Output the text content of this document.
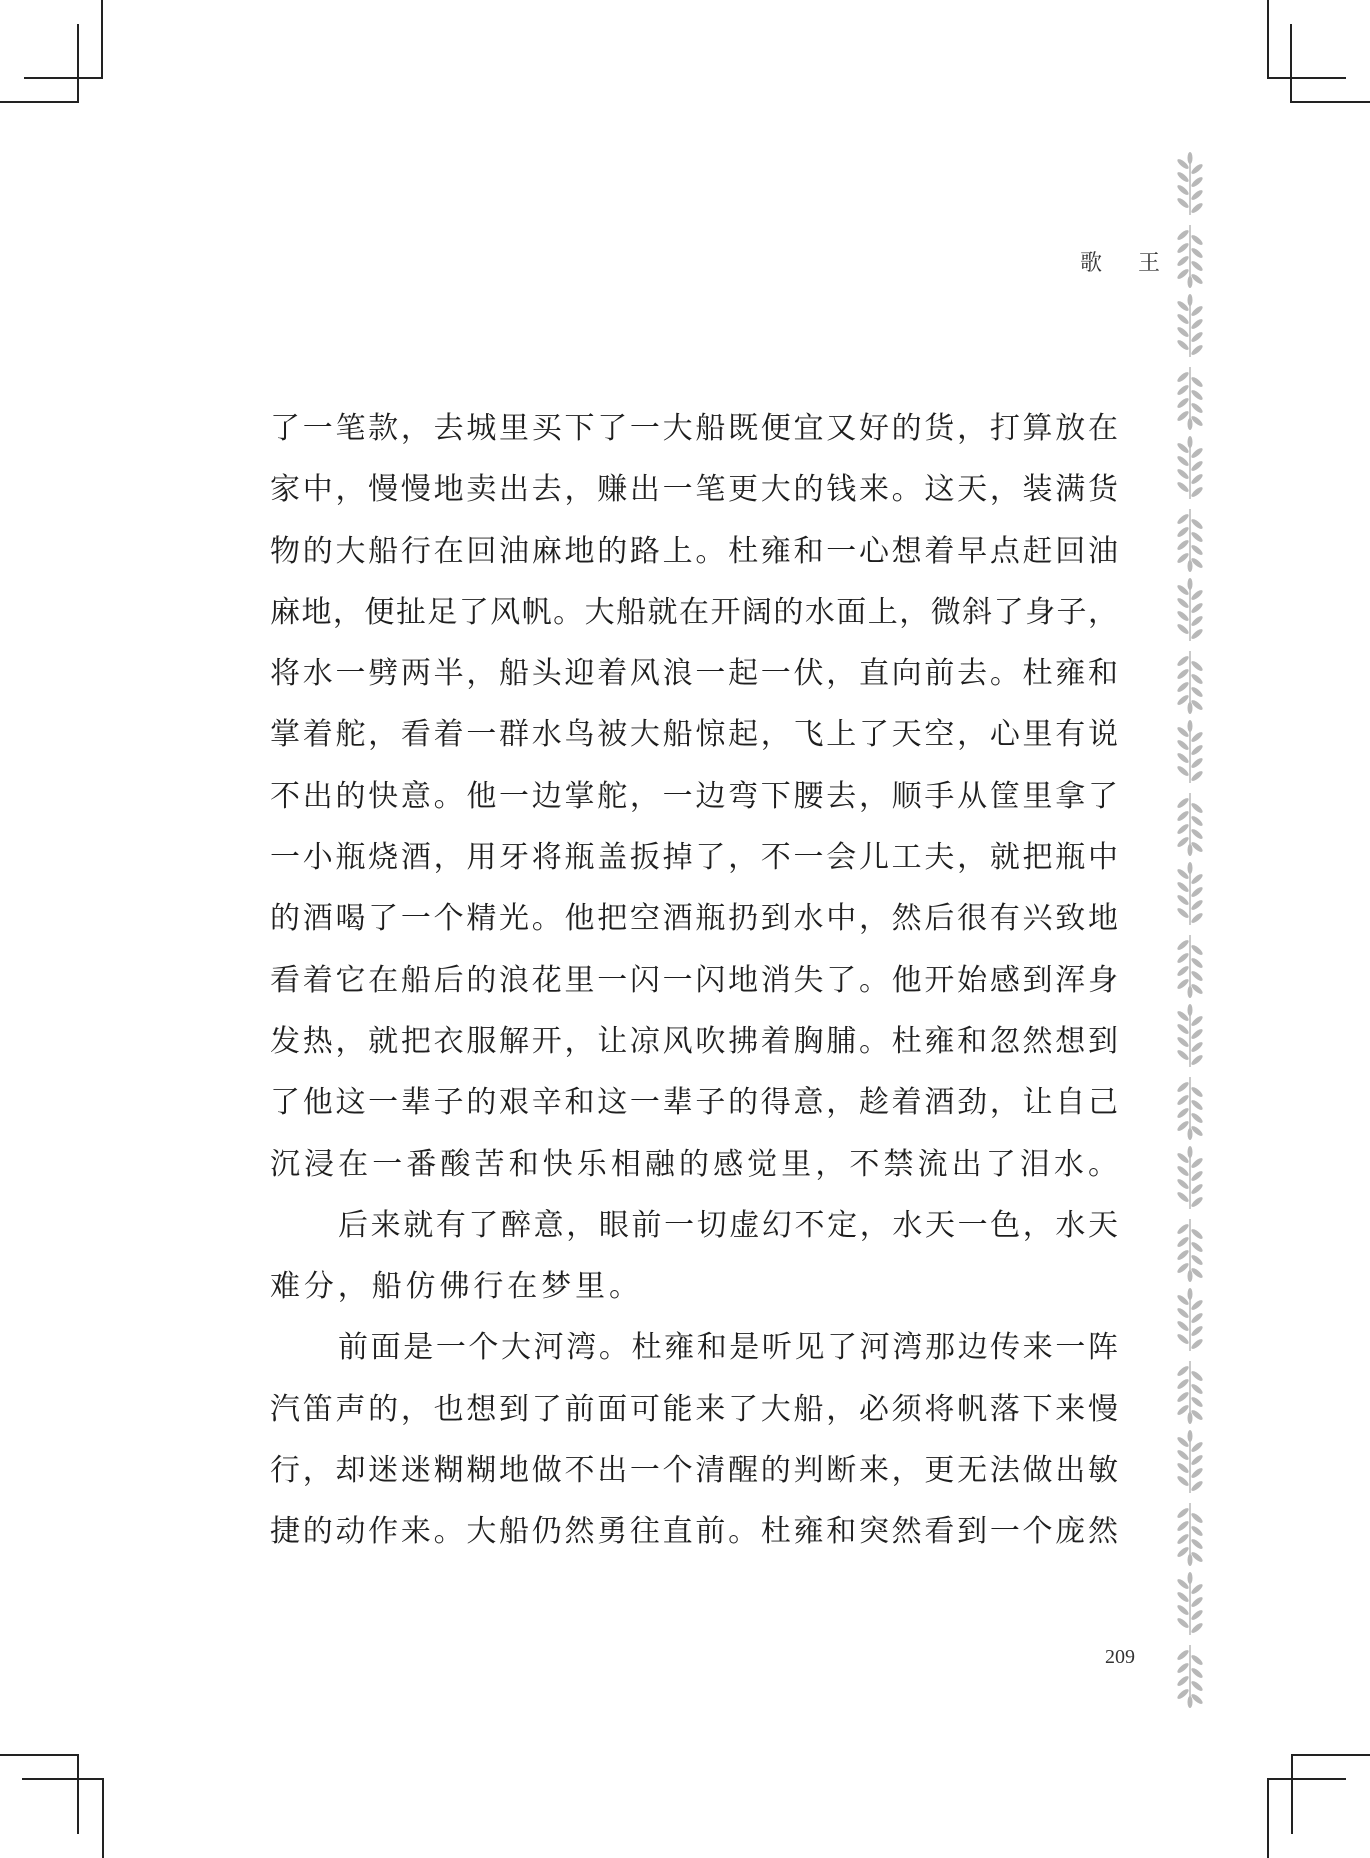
歌 王
了一笔款，去城里买下了一大船既便宜又好的货，打算放在
家中，慢慢地卖出去，赚出一笔更大的钱来。这天，装满货
物的大船行在回油麻地的路上。杜雍和一心想着早点赶回油
麻地，便扯足了风帆。大船就在开阔的水面上，微斜了身子，
将水一劈两半，船头迎着风浪一起一伏，直向前去。杜雍和
掌着舵，看着一群水鸟被大船惊起，飞上了天空，心里有说
不出的快意。他一边掌舵，一边弯下腰去，顺手从筐里拿了
一小瓶烧酒，用牙将瓶盖扳掉了，不一会儿工夫，就把瓶中
的酒喝了一个精光。他把空酒瓶扔到水中，然后很有兴致地
看着它在船后的浪花里一闪一闪地消失了。他开始感到浑身
发热，就把衣服解开，让凉风吹拂着胸脯。杜雍和忽然想到
了他这一辈子的艰辛和这一辈子的得意，趁着酒劲，让自己
沉浸在一番酸苦和快乐相融的感觉里，不禁流出了泪水。
后来就有了醉意，眼前一切虚幻不定，水天一色，水天
难分，船仿佛行在梦里。
前面是一个大河湾。杜雍和是听见了河湾那边传来一阵
汽笛声的，也想到了前面可能来了大船，必须将帆落下来慢
行，却迷迷糊糊地做不出一个清醒的判断来，更无法做出敏
捷的动作来。大船仍然勇往直前。杜雍和突然看到一个庞然
209
